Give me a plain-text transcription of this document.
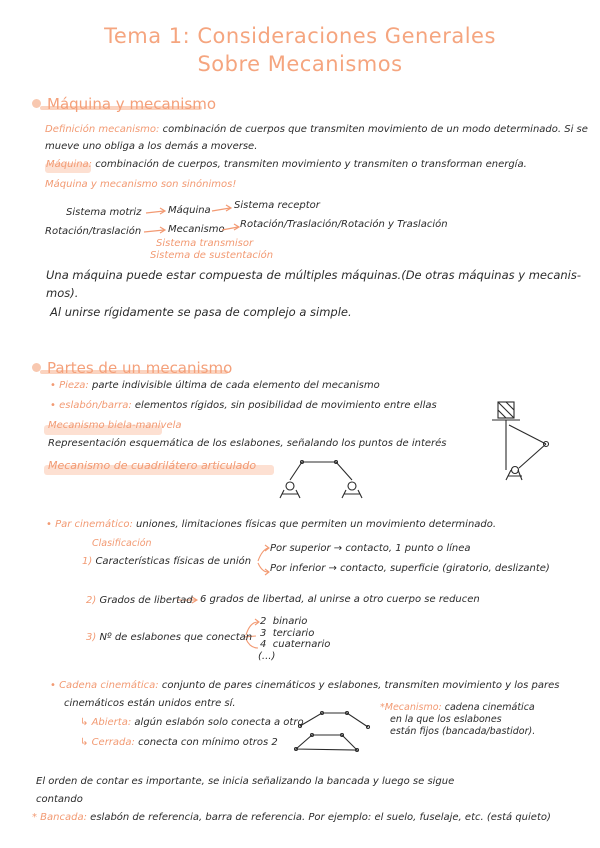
Tema 1: Consideraciones Generales
Sobre Mecanismos
Máquina y mecanismo
Definición mecanismo: combinación de cuerpos que transmiten movimiento de un modo determinado. Si se
mueve uno obliga a los demás a moverse.
Máquina: combinación de cuerpos, transmiten movimiento y transmiten o transforman energía.
Máquina y mecanismo son sinónimos!
Sistema motriz	Máquina Sistema receptor
Rotación/traslación	Mecanismo Rotación/Traslación/Rotación y Traslación
Sistema transmisor
Sistema de sustentación
Una máquina puede estar compuesta de múltiples máquinas.(De otras máquinas y mecanis-
mos).
Al unirse rígidamente se pasa de complejo a simple.
Partes de un mecanismo
• Pieza: parte indivisible última de cada elemento del mecanismo
• eslabón/barra: elementos rígidos, sin posibilidad de movimiento entre ellas
Mecanismo biela-manivela
Representación esquemática de los eslabones, señalando los puntos de interés
Mecanismo de cuadrilátero articulado
• Par cinemático: uniones, limitaciones físicas que permiten un movimiento determinado.
Clasificación
1) Características físicas de unión
Por superior → contacto, 1 punto o línea
Por inferior → contacto, superficie (giratorio, deslizante)
2) Grados de libertad 6 grados de libertad, al unirse a otro cuerpo se reducen
3) Nº de eslabones que conectan
2 binario
3 terciario
4 cuaternario
(...)
• Cadena cinemática: conjunto de pares cinemáticos y eslabones, transmiten movimiento y los pares
cinemáticos están unidos entre sí.
↳ Abierta: algún eslabón solo conecta a otro
↳ Cerrada: conecta con mínimo otros 2
*Mecanismo: cadena cinemática
en la que los eslabones
están fijos (bancada/bastidor).
El orden de contar es importante, se inicia señalizando la bancada y luego se sigue
contando
* Bancada: eslabón de referencia, barra de referencia. Por ejemplo: el suelo, fuselaje, etc. (está quieto)
